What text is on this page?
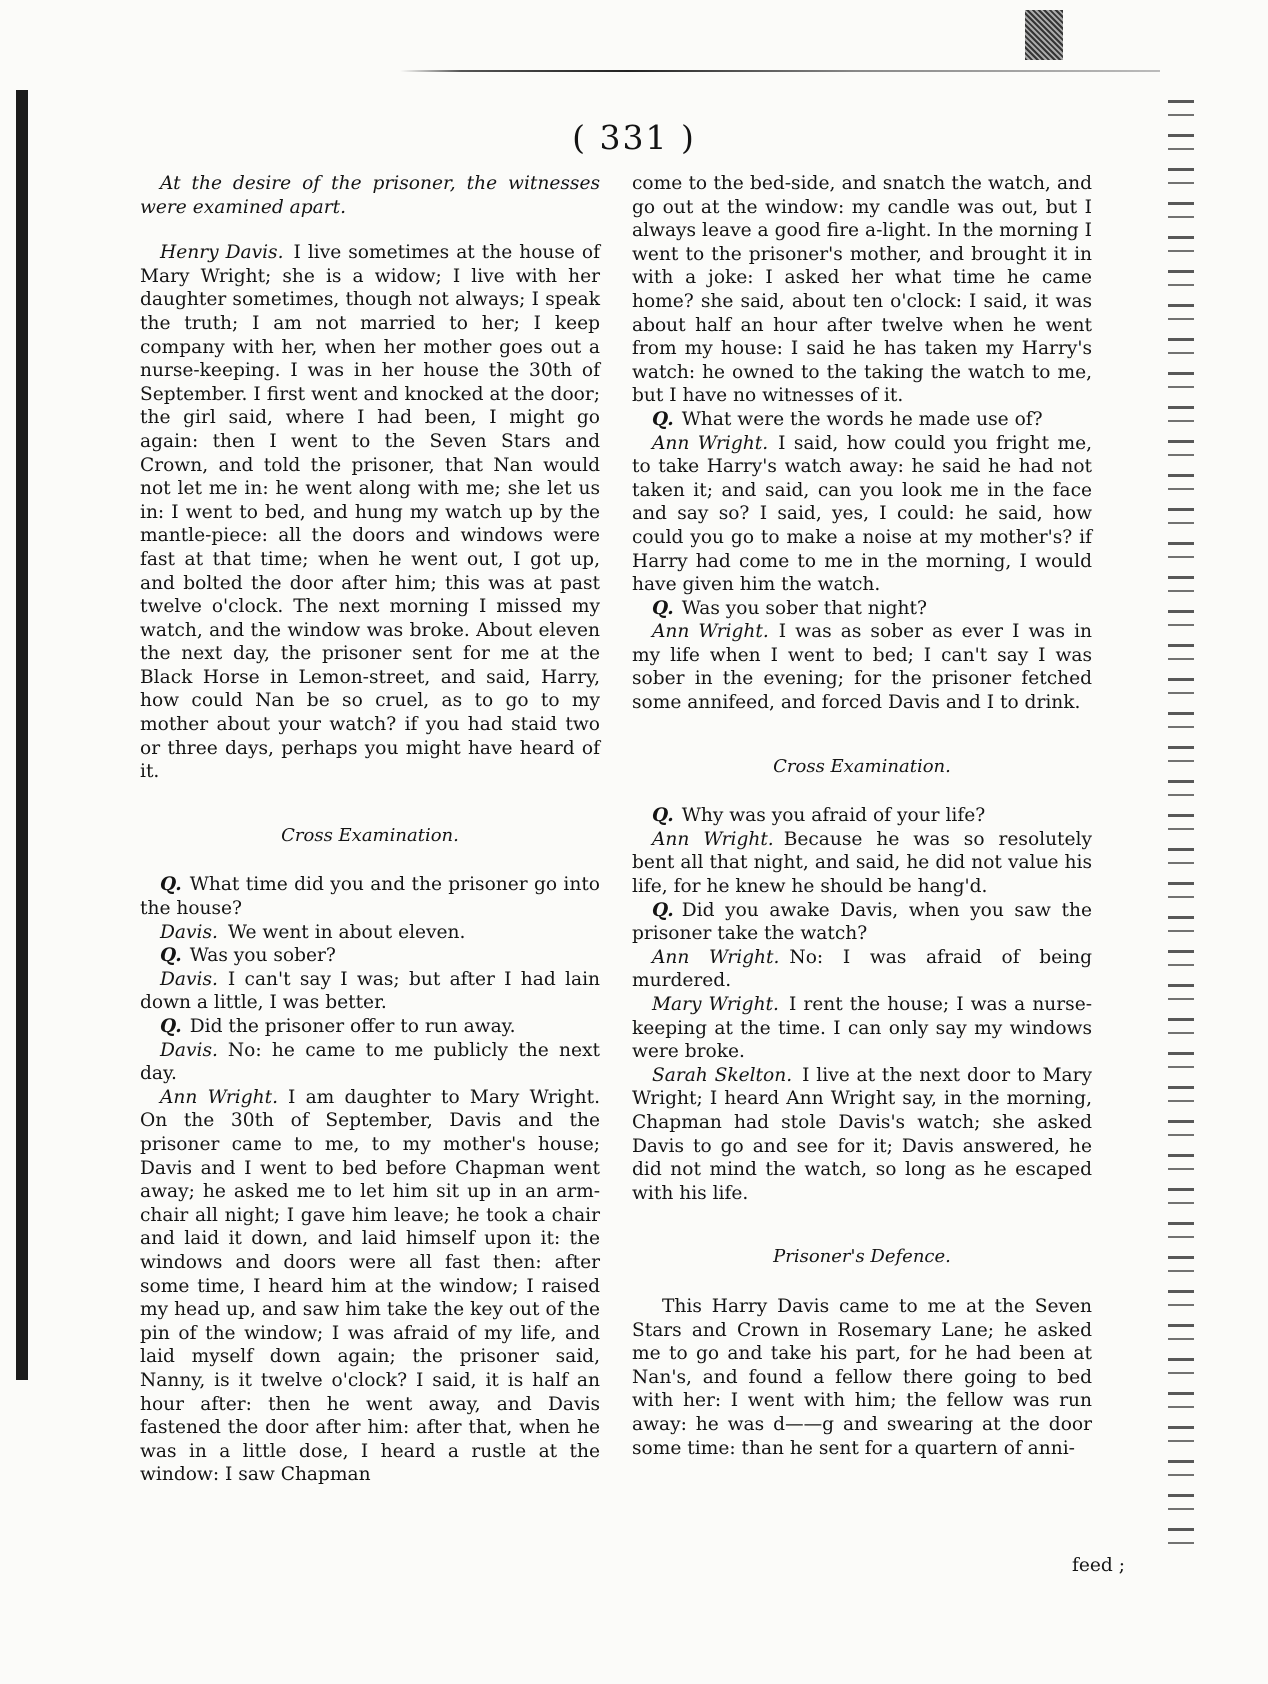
( 331 )

At the desire of the prisoner, the witnesses were examined apart.

Henry Davis. I live sometimes at the house of Mary Wright; she is a widow; I live with her daughter sometimes, though not always; I speak the truth; I am not married to her; I keep company with her, when her mother goes out a nurse-keeping. I was in her house the 30th of September. I first went and knocked at the door; the girl said, where I had been, I might go again: then I went to the Seven Stars and Crown, and told the prisoner, that Nan would not let me in: he went along with me; she let us in: I went to bed, and hung my watch up by the mantle-piece: all the doors and windows were fast at that time; when he went out, I got up, and bolted the door after him; this was at past twelve o'clock. The next morning I missed my watch, and the window was broke. About eleven the next day, the prisoner sent for me at the Black Horse in Lemon-street, and said, Harry, how could Nan be so cruel, as to go to my mother about your watch? if you had staid two or three days, perhaps you might have heard of it.

Cross Examination.

Q. What time did you and the prisoner go into the house?

Davis. We went in about eleven.

Q. Was you sober?

Davis. I can't say I was; but after I had lain down a little, I was better.

Q. Did the prisoner offer to run away.

Davis. No: he came to me publicly the next day.

Ann Wright. I am daughter to Mary Wright. On the 30th of September, Davis and the prisoner came to me, to my mother's house; Davis and I went to bed before Chapman went away; he asked me to let him sit up in an arm-chair all night; I gave him leave; he took a chair and laid it down, and laid himself upon it: the windows and doors were all fast then: after some time, I heard him at the window; I raised my head up, and saw him take the key out of the pin of the window; I was afraid of my life, and laid myself down again; the prisoner said, Nanny, is it twelve o'clock? I said, it is half an hour after: then he went away, and Davis fastened the door after him: after that, when he was in a little dose, I heard a rustle at the window: I saw Chapman

come to the bed-side, and snatch the watch, and go out at the window: my candle was out, but I always leave a good fire a-light. In the morning I went to the prisoner's mother, and brought it in with a joke: I asked her what time he came home? she said, about ten o'clock: I said, it was about half an hour after twelve when he went from my house: I said he has taken my Harry's watch: he owned to the taking the watch to me, but I have no witnesses of it.

Q. What were the words he made use of?

Ann Wright. I said, how could you fright me, to take Harry's watch away: he said he had not taken it; and said, can you look me in the face and say so? I said, yes, I could: he said, how could you go to make a noise at my mother's? if Harry had come to me in the morning, I would have given him the watch.

Q. Was you sober that night?

Ann Wright. I was as sober as ever I was in my life when I went to bed; I can't say I was sober in the evening; for the prisoner fetched some annifeed, and forced Davis and I to drink.

Cross Examination.

Q. Why was you afraid of your life?

Ann Wright. Because he was so resolutely bent all that night, and said, he did not value his life, for he knew he should be hang'd.

Q. Did you awake Davis, when you saw the prisoner take the watch?

Ann Wright. No: I was afraid of being murdered.

Mary Wright. I rent the house; I was a nurse-keeping at the time. I can only say my windows were broke.

Sarah Skelton. I live at the next door to Mary Wright; I heard Ann Wright say, in the morning, Chapman had stole Davis's watch; she asked Davis to go and see for it; Davis answered, he did not mind the watch, so long as he escaped with his life.

Prisoner's Defence.

This Harry Davis came to me at the Seven Stars and Crown in Rosemary Lane; he asked me to go and take his part, for he had been at Nan's, and found a fellow there going to bed with her: I went with him; the fellow was run away: he was d——g and swearing at the door some time: than he sent for a quartern of anni-

feed ;
